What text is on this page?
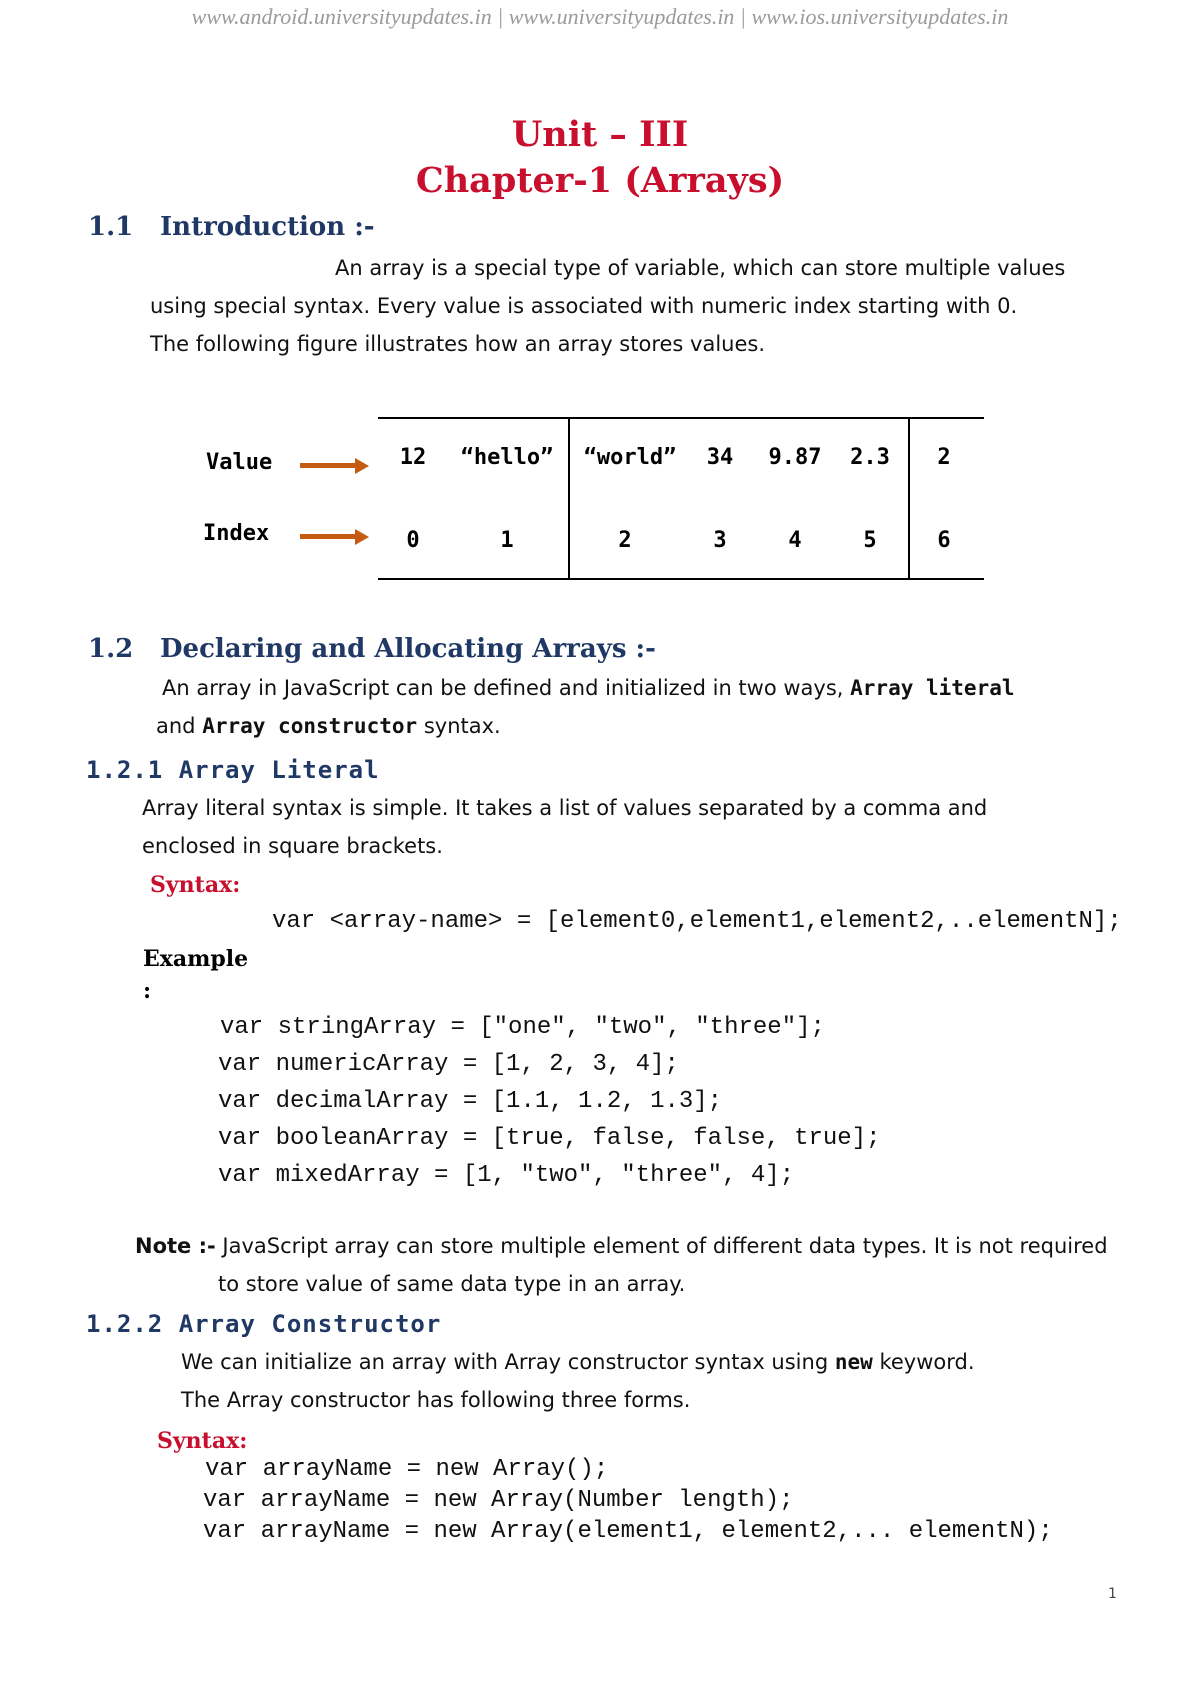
www.android.universityupdates.in | www.universityupdates.in | www.ios.universityupdates.in
Unit – III
Chapter-1 (Arrays)
1.1 Introduction :-
An array is a special type of variable, which can store multiple values
using special syntax. Every value is associated with numeric index starting with 0.
The following figure illustrates how an array stores values.
Value
Index
12	“hello”	“world”	34	9.87	2.3	2
0	1	2	3	4	5	6
1.2 Declaring and Allocating Arrays :-
An array in JavaScript can be defined and initialized in two ways, Array literal
and Array constructor syntax.
1.2.1 Array Literal
Array literal syntax is simple. It takes a list of values separated by a comma and
enclosed in square brackets.
Syntax:
var <array-name> = [element0,element1,element2,..elementN];
Example
:
var stringArray = ["one", "two", "three"];
var numericArray = [1, 2, 3, 4];
var decimalArray = [1.1, 1.2, 1.3];
var booleanArray = [true, false, false, true];
var mixedArray = [1, "two", "three", 4];
Note :- JavaScript array can store multiple element of different data types. It is not required
to store value of same data type in an array.
1.2.2 Array Constructor
We can initialize an array with Array constructor syntax using new keyword.
The Array constructor has following three forms.
Syntax:
var arrayName = new Array();
var arrayName = new Array(Number length);
var arrayName = new Array(element1, element2,... elementN);
1
